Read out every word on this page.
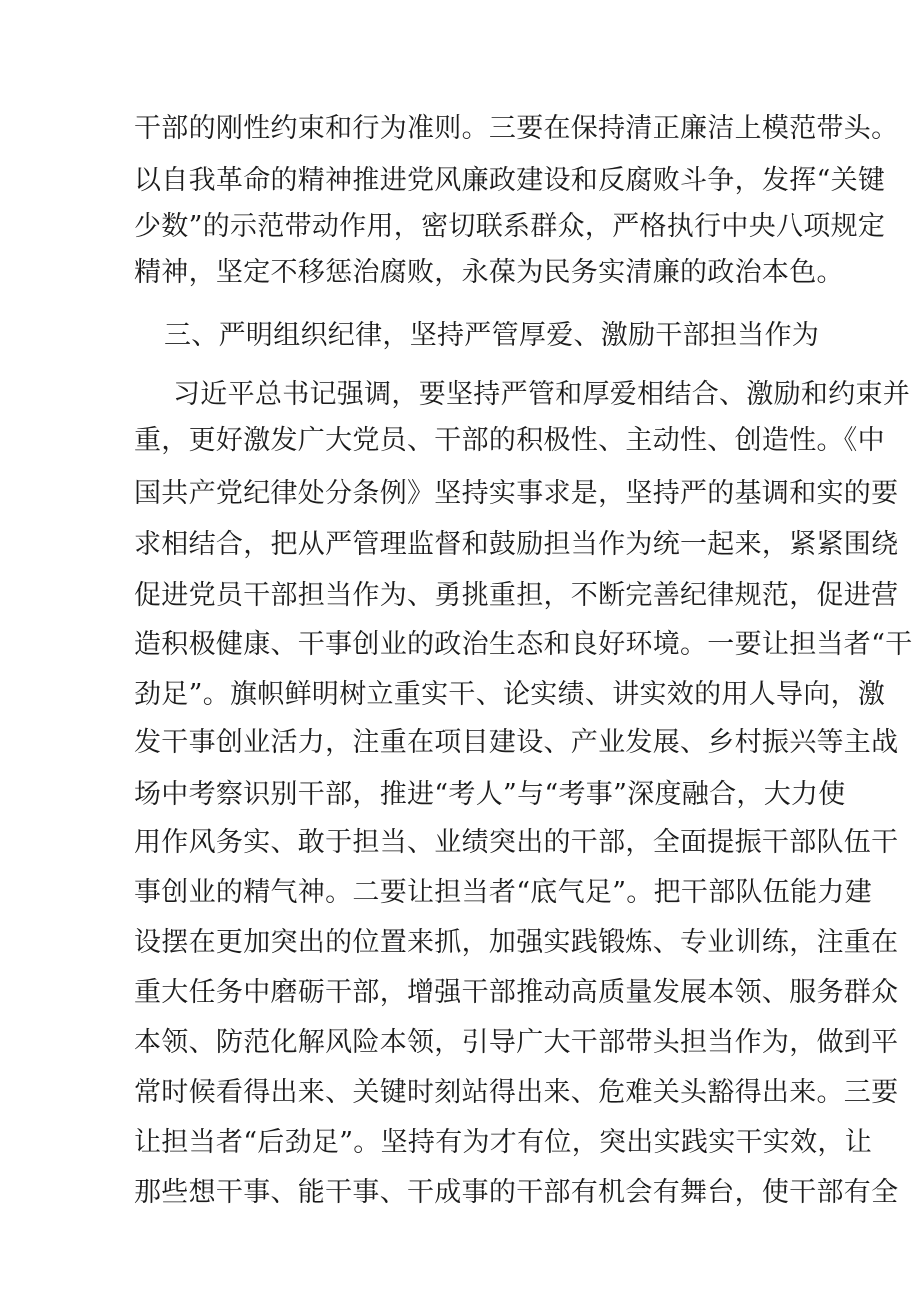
干部的刚性约束和行为准则。三要在保持清正廉洁上模范带头。

以自我革命的精神推进党风廉政建设和反腐败斗争，发挥“关键

少数”的示范带动作用，密切联系群众，严格执行中央八项规定

精神，坚定不移惩治腐败，永葆为民务实清廉的政治本色。

三、严明组织纪律，坚持严管厚爱、激励干部担当作为

习近平总书记强调，要坚持严管和厚爱相结合、激励和约束并

重，更好激发广大党员、干部的积极性、主动性、创造性。《中

国共产党纪律处分条例》坚持实事求是，坚持严的基调和实的要

求相结合，把从严管理监督和鼓励担当作为统一起来，紧紧围绕

促进党员干部担当作为、勇挑重担，不断完善纪律规范，促进营

造积极健康、干事创业的政治生态和良好环境。一要让担当者“干

劲足”。旗帜鲜明树立重实干、论实绩、讲实效的用人导向，激

发干事创业活力，注重在项目建设、产业发展、乡村振兴等主战

场中考察识别干部，推进“考人”与“考事”深度融合，大力使

用作风务实、敢于担当、业绩突出的干部，全面提振干部队伍干

事创业的精气神。二要让担当者“底气足”。把干部队伍能力建

设摆在更加突出的位置来抓，加强实践锻炼、专业训练，注重在

重大任务中磨砺干部，增强干部推动高质量发展本领、服务群众

本领、防范化解风险本领，引导广大干部带头担当作为，做到平

常时候看得出来、关键时刻站得出来、危难关头豁得出来。三要

让担当者“后劲足”。坚持有为才有位，突出实践实干实效，让

那些想干事、能干事、干成事的干部有机会有舞台，使干部有全
